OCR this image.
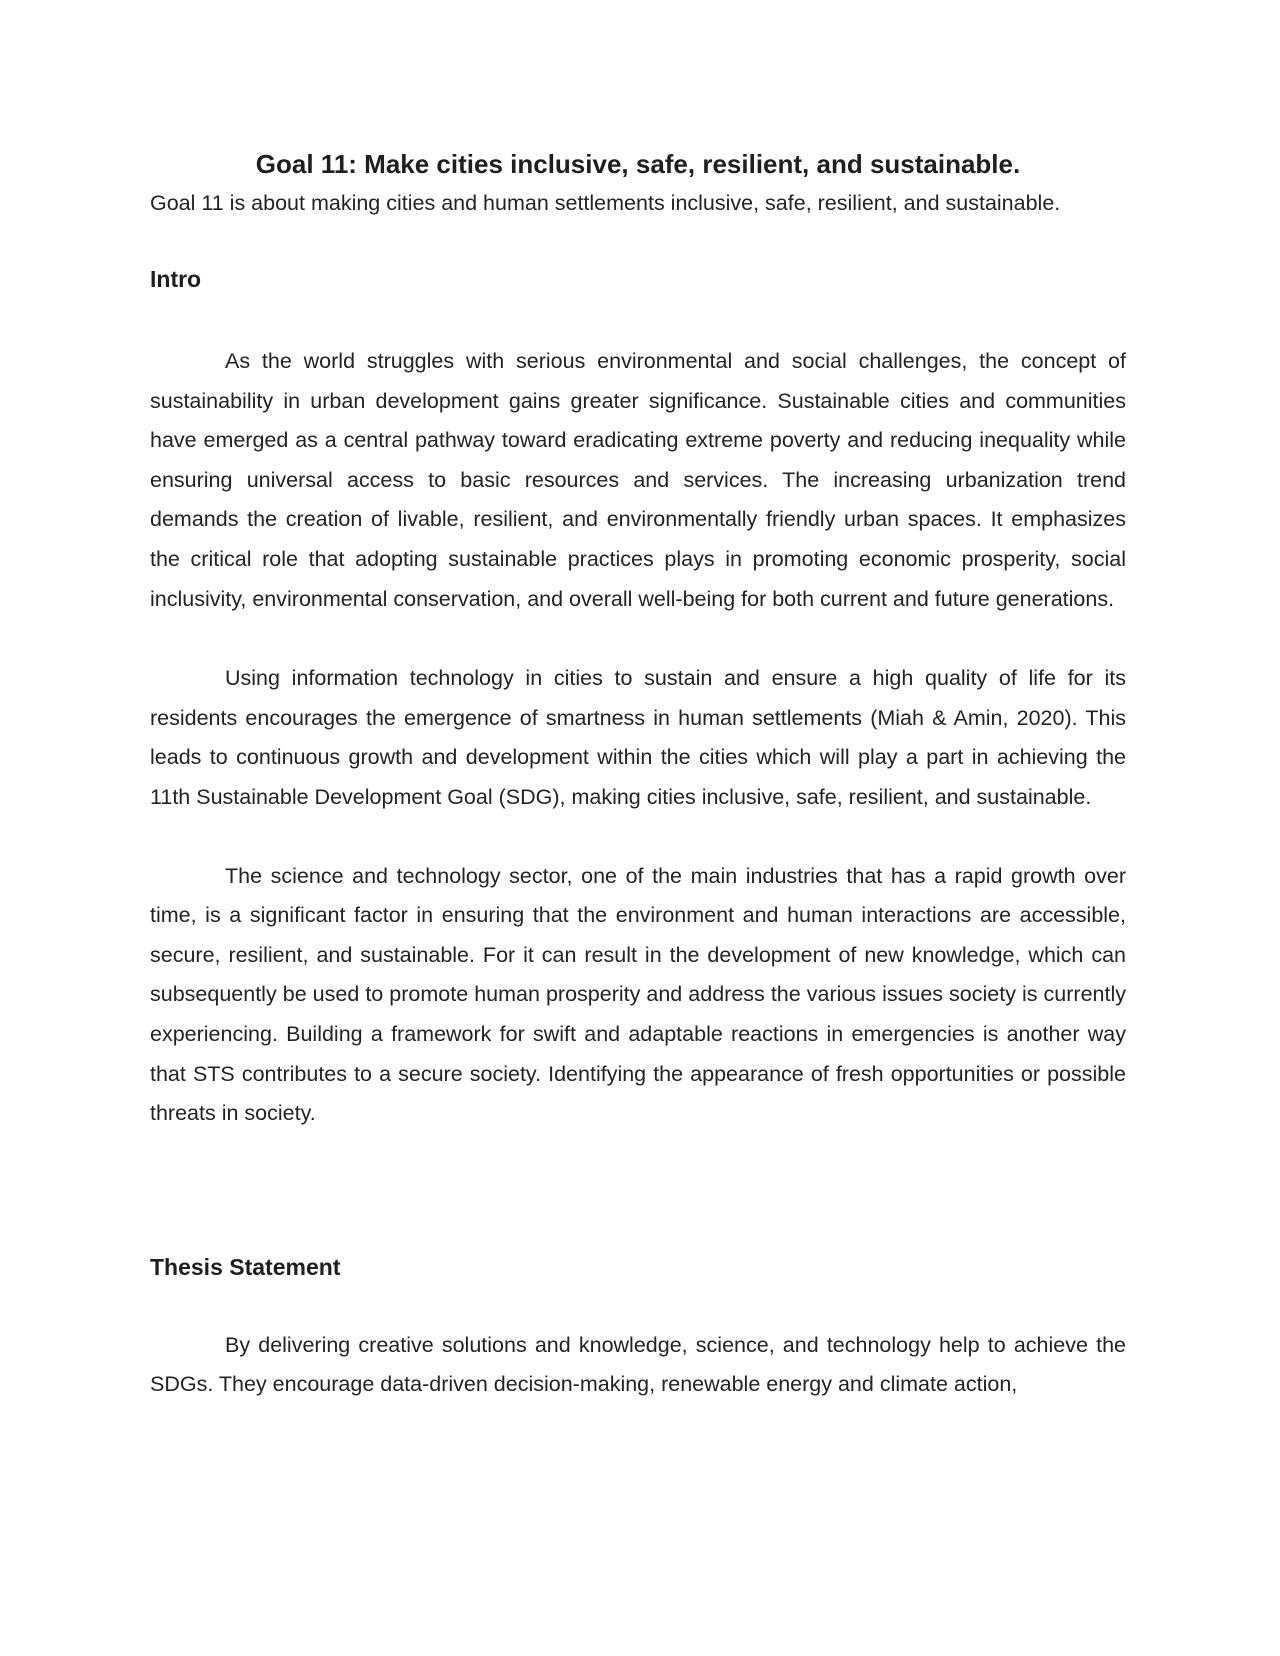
Goal 11: Make cities inclusive, safe, resilient, and sustainable.

Goal 11 is about making cities and human settlements inclusive, safe, resilient, and sustainable.

Intro

As the world struggles with serious environmental and social challenges, the concept of sustainability in urban development gains greater significance. Sustainable cities and communities have emerged as a central pathway toward eradicating extreme poverty and reducing inequality while ensuring universal access to basic resources and services. The increasing urbanization trend demands the creation of livable, resilient, and environmentally friendly urban spaces. It emphasizes the critical role that adopting sustainable practices plays in promoting economic prosperity, social inclusivity, environmental conservation, and overall well-being for both current and future generations.

Using information technology in cities to sustain and ensure a high quality of life for its residents encourages the emergence of smartness in human settlements (Miah & Amin, 2020). This leads to continuous growth and development within the cities which will play a part in achieving the 11th Sustainable Development Goal (SDG), making cities inclusive, safe, resilient, and sustainable.

The science and technology sector, one of the main industries that has a rapid growth over time, is a significant factor in ensuring that the environment and human interactions are accessible, secure, resilient, and sustainable. For it can result in the development of new knowledge, which can subsequently be used to promote human prosperity and address the various issues society is currently experiencing. Building a framework for swift and adaptable reactions in emergencies is another way that STS contributes to a secure society. Identifying the appearance of fresh opportunities or possible threats in society.

Thesis Statement

By delivering creative solutions and knowledge, science, and technology help to achieve the SDGs. They encourage data-driven decision-making, renewable energy and climate action,
